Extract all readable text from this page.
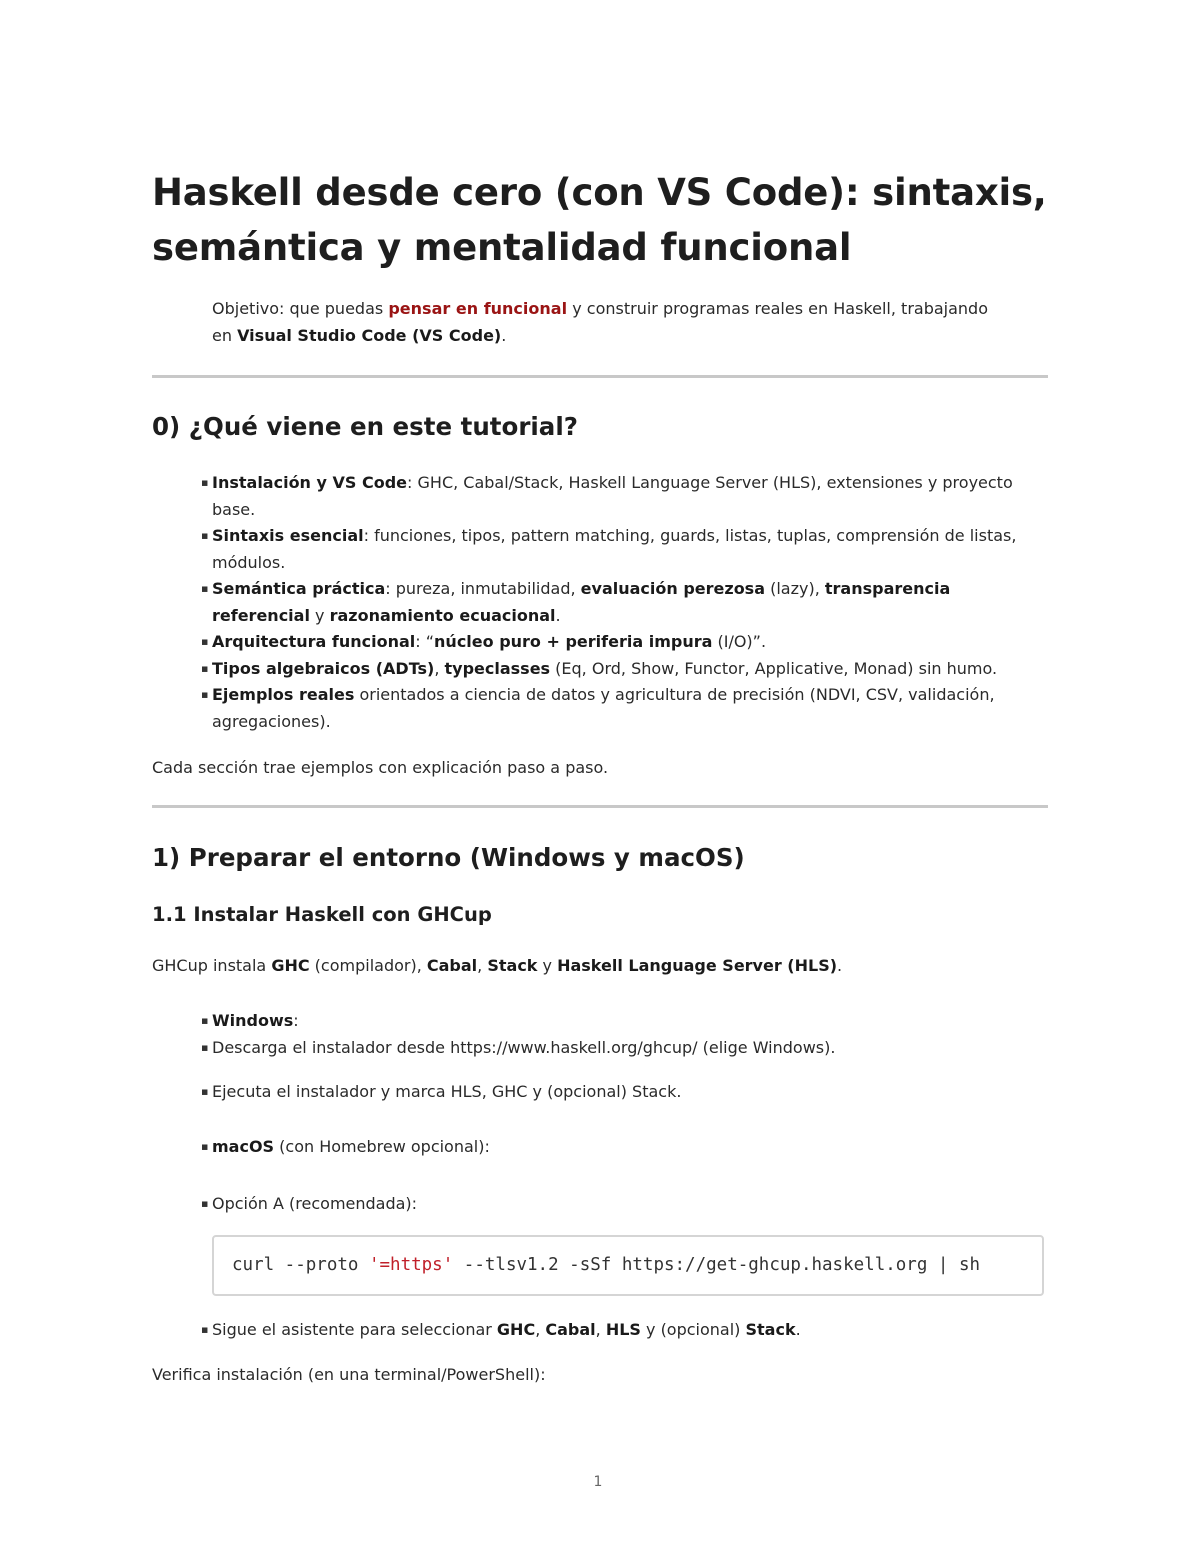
Haskell desde cero (con VS Code): sintaxis,
semántica y mentalidad funcional
Objetivo: que puedas pensar en funcional y construir programas reales en Haskell, trabajando en Visual Studio Code (VS Code).
0) ¿Qué viene en este tutorial?
▪ Instalación y VS Code: GHC, Cabal/Stack, Haskell Language Server (HLS), extensiones y proyecto base.
▪ Sintaxis esencial: funciones, tipos, pattern matching, guards, listas, tuplas, comprensión de listas, módulos.
▪ Semántica práctica: pureza, inmutabilidad, evaluación perezosa (lazy), transparencia referencial y razonamiento ecuacional.
▪ Arquitectura funcional: “núcleo puro + periferia impura (I/O)”.
▪ Tipos algebraicos (ADTs), typeclasses (Eq, Ord, Show, Functor, Applicative, Monad) sin humo.
▪ Ejemplos reales orientados a ciencia de datos y agricultura de precisión (NDVI, CSV, validación, agregaciones).
Cada sección trae ejemplos con explicación paso a paso.
1) Preparar el entorno (Windows y macOS)
1.1 Instalar Haskell con GHCup
GHCup instala GHC (compilador), Cabal, Stack y Haskell Language Server (HLS).
▪ Windows:
▪ Descarga el instalador desde https://www.haskell.org/ghcup/ (elige Windows).
▪ Ejecuta el instalador y marca HLS, GHC y (opcional) Stack.
▪ macOS (con Homebrew opcional):
▪ Opción A (recomendada):
curl --proto '=https' --tlsv1.2 -sSf https://get-ghcup.haskell.org | sh
▪ Sigue el asistente para seleccionar GHC, Cabal, HLS y (opcional) Stack.
Verifica instalación (en una terminal/PowerShell):
1
